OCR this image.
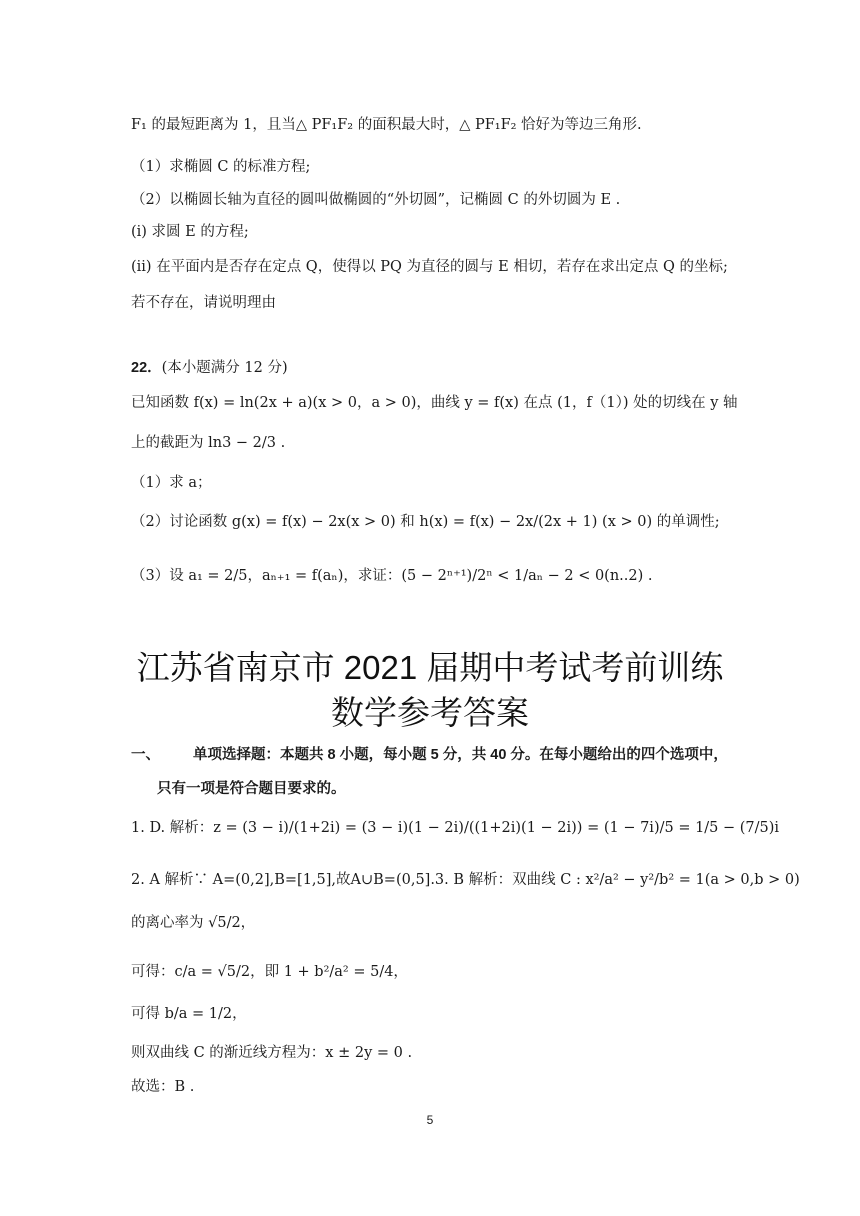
F₁ 的最短距离为 1，且当△ PF₁F₂ 的面积最大时，△ PF₁F₂ 恰好为等边三角形.
（1）求椭圆 C 的标准方程;
（2）以椭圆长轴为直径的圆叫做椭圆的“外切圆”，记椭圆 C 的外切圆为 E .
(i) 求圆 E 的方程;
(ii) 在平面内是否存在定点 Q，使得以 PQ 为直径的圆与 E 相切，若存在求出定点 Q 的坐标;
若不存在，请说明理由
22．(本小题满分 12 分)
已知函数 f(x) = ln(2x + a)(x > 0，a > 0)，曲线 y = f(x) 在点 (1，f（1）) 处的切线在 y 轴
上的截距为 ln3 − 2/3 .
（1）求 a；
（2）讨论函数 g(x) = f(x) − 2x(x > 0) 和 h(x) = f(x) − 2x/(2x + 1) (x > 0) 的单调性;
（3）设 a₁ = 2/5，aₙ₊₁ = f(aₙ)，求证：(5 − 2ⁿ⁺¹)/2ⁿ < 1/aₙ − 2 < 0(n..2) .
江苏省南京市 2021 届期中考试考前训练
数学参考答案
一、 单项选择题：本题共 8 小题，每小题 5 分，共 40 分。在每小题给出的四个选项中，
只有一项是符合题目要求的。
1. D. 解析：z = (3 − i)/(1+2i) = (3 − i)(1 − 2i)/((1+2i)(1 − 2i)) = (1 − 7i)/5 = 1/5 − (7/5)i
2. A 解析∵ A=(0,2],B=[1,5],故A∪B=(0,5].3. B 解析：双曲线 C : x²/a² − y²/b² = 1(a > 0,b > 0)
的离心率为 √5/2，
可得：c/a = √5/2，即 1 + b²/a² = 5/4，
可得 b/a = 1/2，
则双曲线 C 的渐近线方程为：x ± 2y = 0 .
故选：B .
5
